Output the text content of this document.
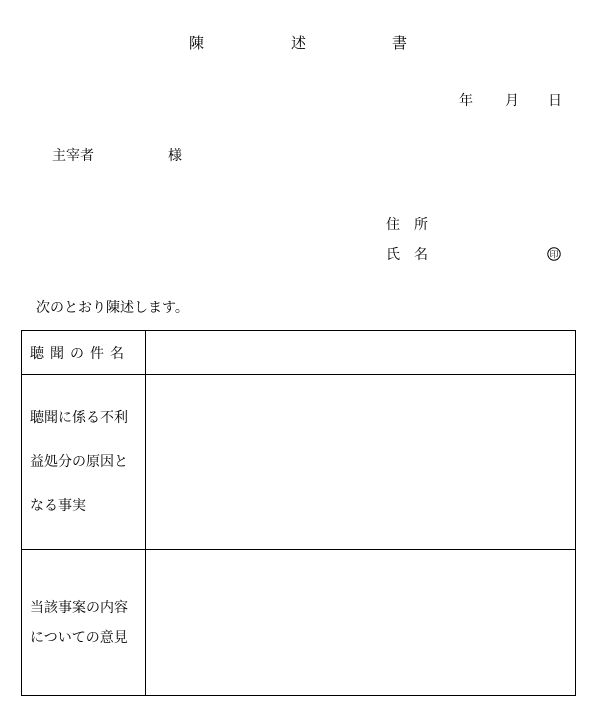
陳	述	書
年 月 日
主宰者	様
住　所
氏　名	印
次のとおり陳述します。
聴聞の件名	

聴聞に係る不利
益処分の原因と
なる事実	

当該事案の内容
についての意見	
